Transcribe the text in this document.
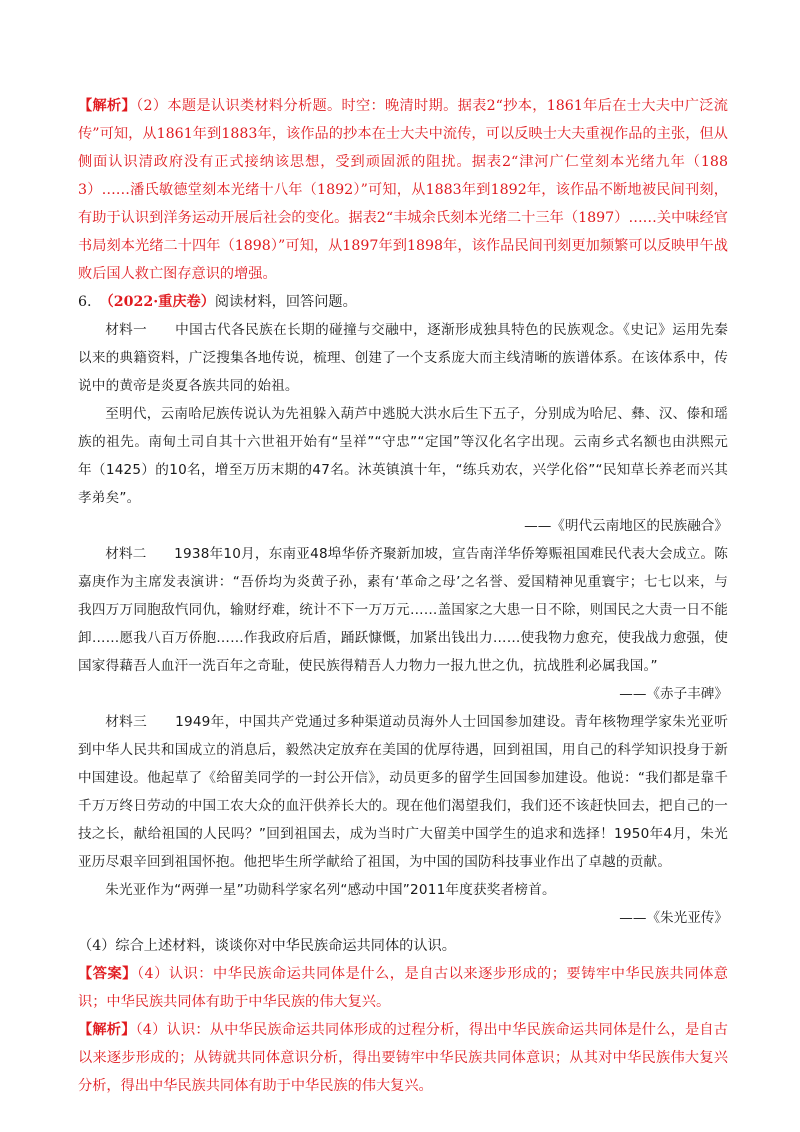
【解析】（2）本题是认识类材料分析题。时空：晚清时期。据表2“抄本，1861年后在士大夫中广泛流传”可知，从1861年到1883年，该作品的抄本在士大夫中流传，可以反映士大夫重视作品的主张，但从侧面认识清政府没有正式接纳该思想，受到顽固派的阻扰。据表2“津河广仁堂刻本光绪九年（1883）……潘氏敏德堂刻本光绪十八年（1892）”可知，从1883年到1892年，该作品不断地被民间刊刻，有助于认识到洋务运动开展后社会的变化。据表2“丰城余氏刻本光绪二十三年（1897）……关中味经官书局刻本光绪二十四年（1898）”可知，从1897年到1898年，该作品民间刊刻更加频繁可以反映甲午战败后国人救亡图存意识的增强。

6. （2022·重庆卷）阅读材料，回答问题。

材料一　　中国古代各民族在长期的碰撞与交融中，逐渐形成独具特色的民族观念。《史记》运用先秦以来的典籍资料，广泛搜集各地传说，梳理、创建了一个支系庞大而主线清晰的族谱体系。在该体系中，传说中的黄帝是炎夏各族共同的始祖。

至明代，云南哈尼族传说认为先祖躲入葫芦中逃脱大洪水后生下五子，分别成为哈尼、彝、汉、傣和瑶族的祖先。南甸土司自其十六世祖开始有“呈祥”“守忠”“定国”等汉化名字出现。云南乡式名额也由洪熙元年（1425）的10名，增至万历末期的47名。沐英镇滇十年，“练兵劝农，兴学化俗”“民知草长养老而兴其孝弟矣”。

——《明代云南地区的民族融合》

材料二　　1938年10月，东南亚48埠华侨齐聚新加坡，宣告南洋华侨筹赈祖国难民代表大会成立。陈嘉庚作为主席发表演讲：“吾侨均为炎黄子孙，素有‘革命之母’之名誉、爱国精神见重寰宇；七七以来，与我四万万同胞敌忾同仇，输财纾难，统计不下一万万元……盖国家之大患一日不除，则国民之大责一日不能卸……愿我八百万侨胞……作我政府后盾，踊跃慷慨，加紧出钱出力……使我物力愈充，使我战力愈强，使国家得藉吾人血汗一洗百年之奇耻，使民族得精吾人力物力一报九世之仇，抗战胜利必属我国。”

——《赤子丰碑》

材料三　　1949年，中国共产党通过多种渠道动员海外人士回国参加建设。青年核物理学家朱光亚听到中华人民共和国成立的消息后，毅然决定放弃在美国的优厚待遇，回到祖国，用自己的科学知识投身于新中国建设。他起草了《给留美同学的一封公开信》，动员更多的留学生回国参加建设。他说：“我们都是靠千千万万终日劳动的中国工农大众的血汗供养长大的。现在他们渴望我们，我们还不该赶快回去，把自己的一技之长，献给祖国的人民吗？”回到祖国去，成为当时广大留美中国学生的追求和选择！1950年4月，朱光亚历尽艰辛回到祖国怀抱。他把毕生所学献给了祖国，为中国的国防科技事业作出了卓越的贡献。

朱光亚作为“两弹一星”功勋科学家名列“感动中国”2011年度获奖者榜首。

——《朱光亚传》

（4）综合上述材料，谈谈你对中华民族命运共同体的认识。

【答案】（4）认识：中华民族命运共同体是什么，是自古以来逐步形成的；要铸牢中华民族共同体意识；中华民族共同体有助于中华民族的伟大复兴。

【解析】（4）认识：从中华民族命运共同体形成的过程分析，得出中华民族命运共同体是什么，是自古以来逐步形成的；从铸就共同体意识分析，得出要铸牢中华民族共同体意识；从其对中华民族伟大复兴分析，得出中华民族共同体有助于中华民族的伟大复兴。
